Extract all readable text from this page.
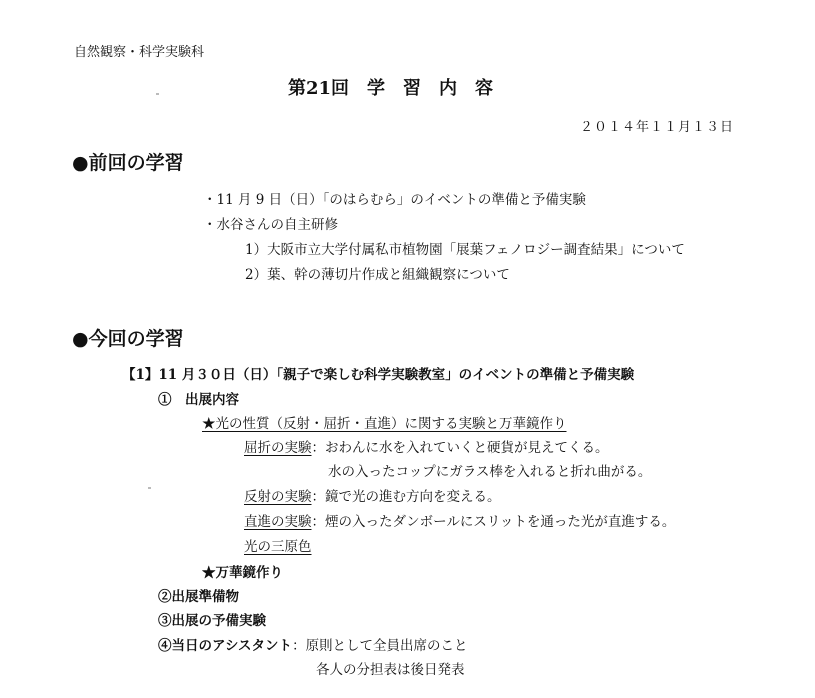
自然観察・科学実験科
第21回　学　習　内　容
２０１４年１１月１３日
●前回の学習
・11 月 9 日（日）「のはらむら」のイベントの準備と予備実験
・水谷さんの自主研修
1）大阪市立大学付属私市植物園「展葉フェノロジー調査結果」について
2）葉、幹の薄切片作成と組織観察について
●今回の学習
【1】11 月３０日（日）「親子で楽しむ科学実験教室」のイベントの準備と予備実験
①　出展内容
★光の性質（反射・屈折・直進）に関する実験と万華鏡作り
屈折の実験：おわんに水を入れていくと硬貨が見えてくる。
水の入ったコップにガラス棒を入れると折れ曲がる。
反射の実験：鏡で光の進む方向を変える。
直進の実験：煙の入ったダンボールにスリットを通った光が直進する。
光の三原色
★万華鏡作り
②出展準備物
③出展の予備実験
④当日のアシスタント：原則として全員出席のこと
各人の分担表は後日発表
